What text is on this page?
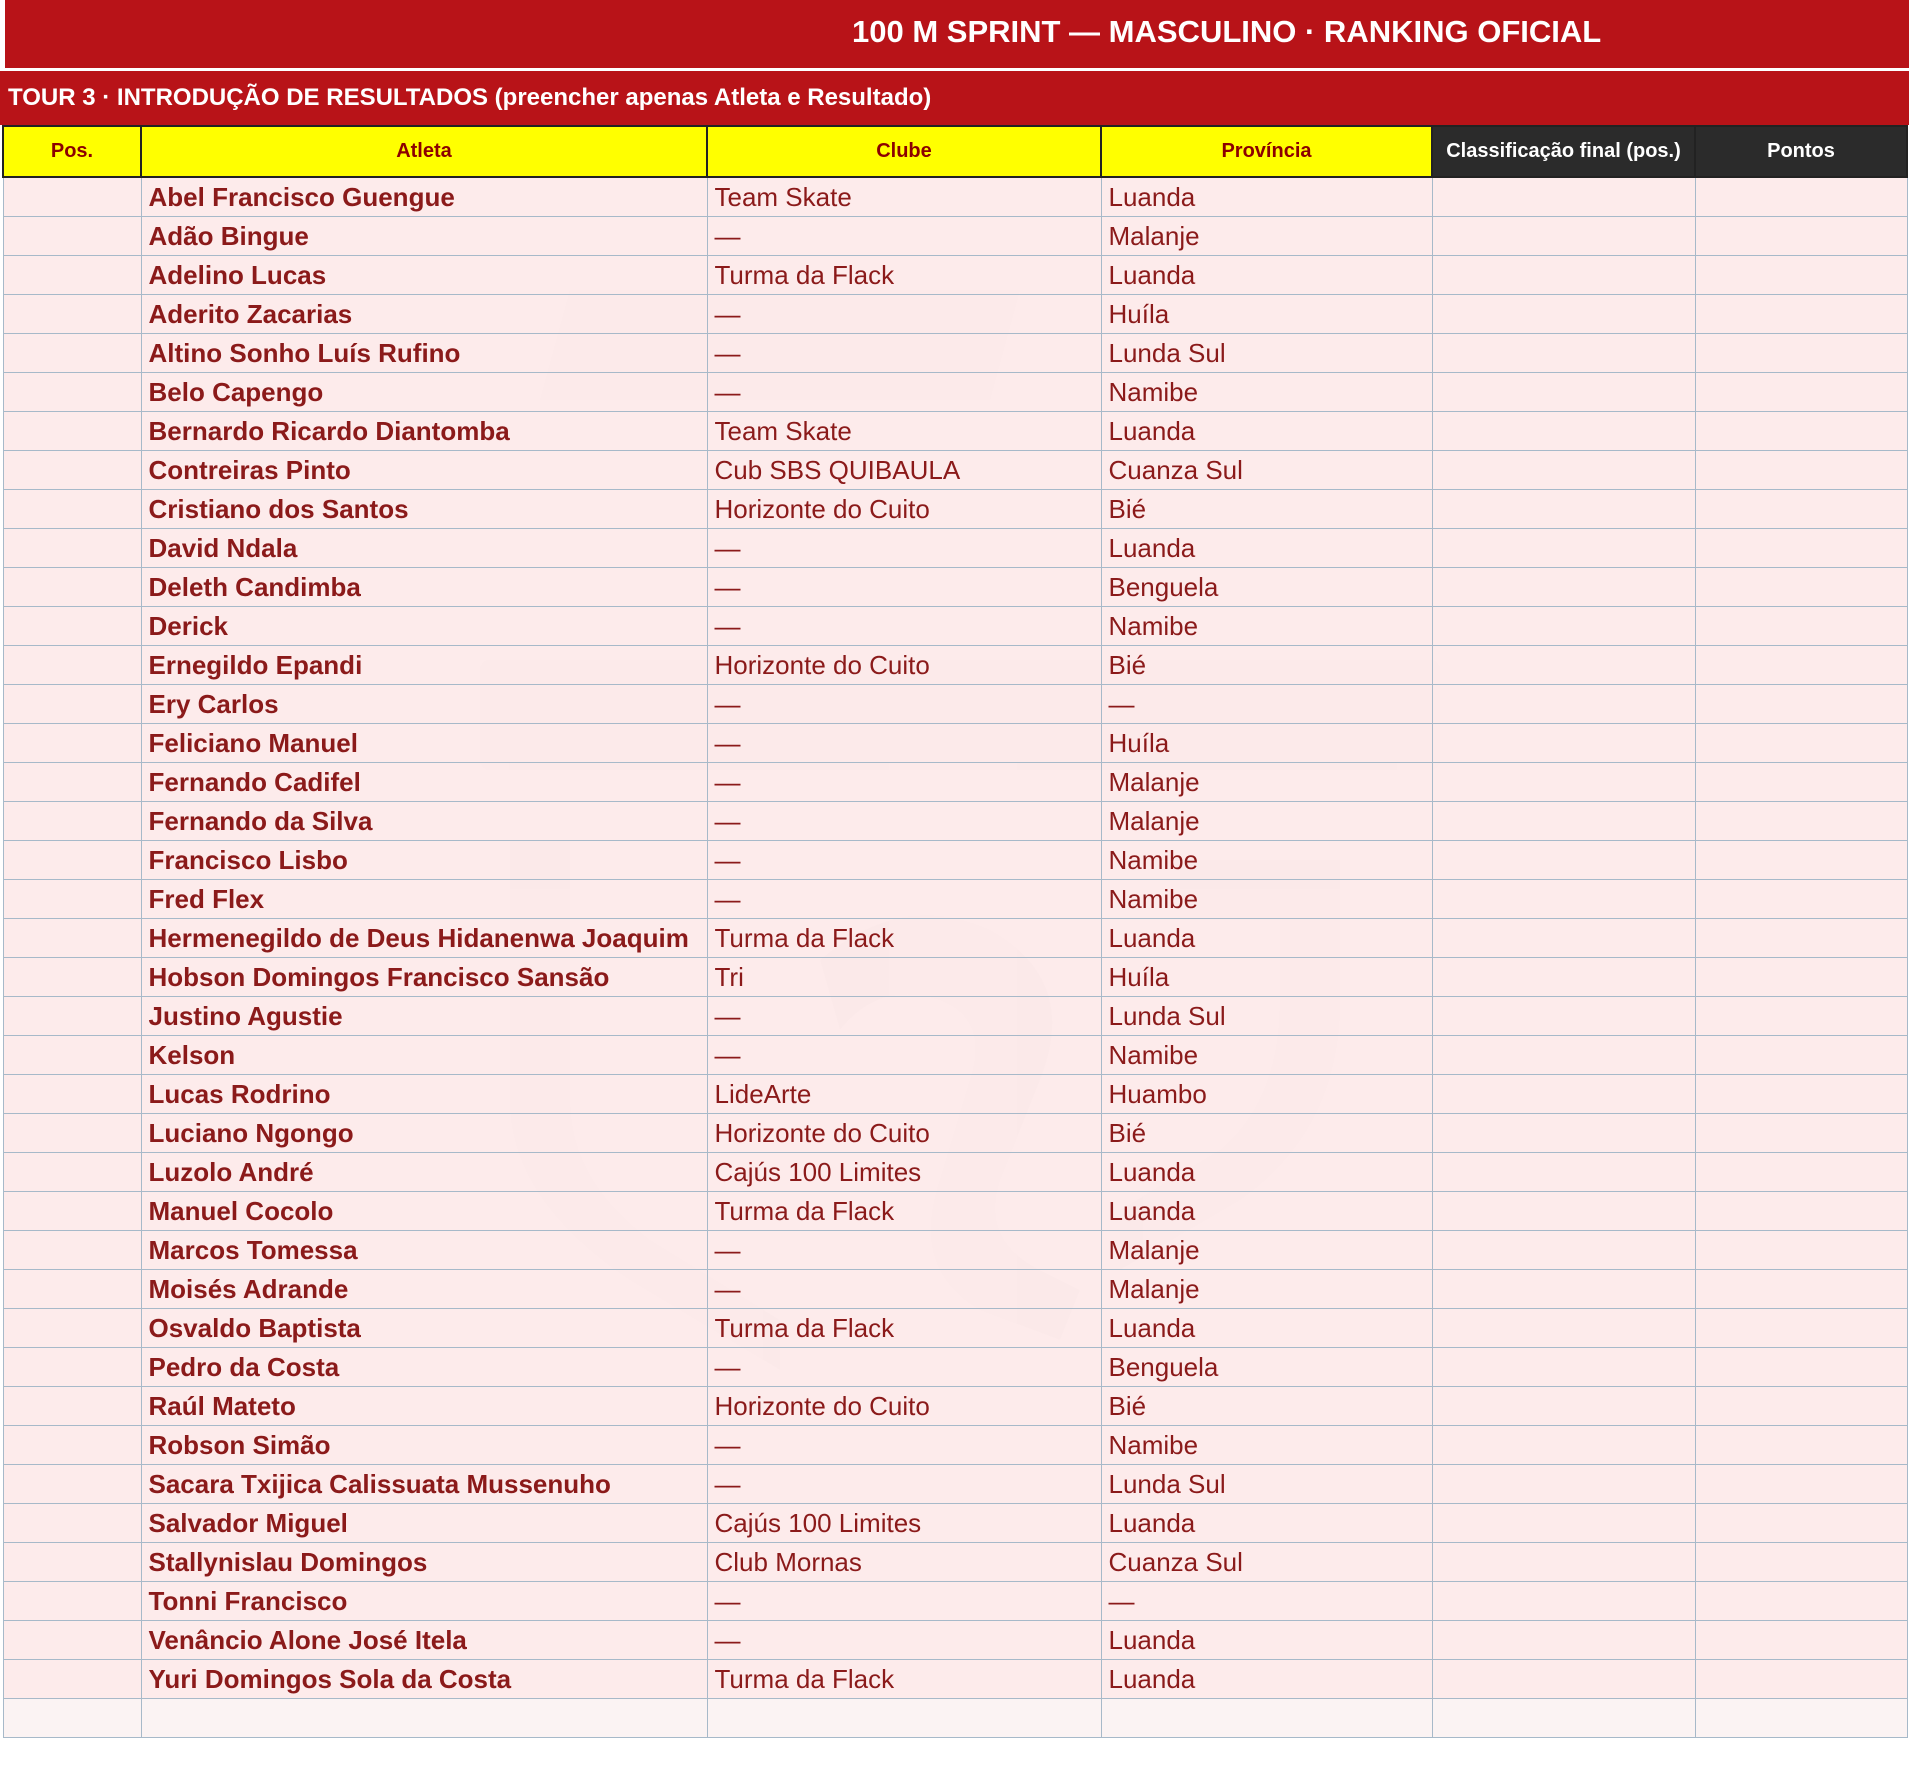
100 M SPRINT — MASCULINO · RANKING OFICIAL
TOUR 3 · INTRODUÇÃO DE RESULTADOS (preencher apenas Atleta e Resultado)
Pos.	Atleta	Clube	Província	Classificação final (pos.)	Pontos
	Abel Francisco Guengue	Team Skate	Luanda		
	Adão Bingue	—	Malanje		
	Adelino Lucas	Turma da Flack	Luanda		
	Aderito Zacarias	—	Huíla		
	Altino Sonho Luís Rufino	—	Lunda Sul		
	Belo Capengo	—	Namibe		
	Bernardo Ricardo Diantomba	Team Skate	Luanda		
	Contreiras Pinto	Cub SBS QUIBAULA	Cuanza Sul		
	Cristiano dos Santos	Horizonte do Cuito	Bié		
	David Ndala	—	Luanda		
	Deleth Candimba	—	Benguela		
	Derick	—	Namibe		
	Ernegildo Epandi	Horizonte do Cuito	Bié		
	Ery Carlos	—	—		
	Feliciano Manuel	—	Huíla		
	Fernando Cadifel	—	Malanje		
	Fernando da Silva	—	Malanje		
	Francisco Lisbo	—	Namibe		
	Fred Flex	—	Namibe		
	Hermenegildo de Deus Hidanenwa Joaquim	Turma da Flack	Luanda		
	Hobson Domingos Francisco Sansão	Tri	Huíla		
	Justino Agustie	—	Lunda Sul		
	Kelson	—	Namibe		
	Lucas Rodrino	LideArte	Huambo		
	Luciano Ngongo	Horizonte do Cuito	Bié		
	Luzolo André	Cajús 100 Limites	Luanda		
	Manuel Cocolo	Turma da Flack	Luanda		
	Marcos Tomessa	—	Malanje		
	Moisés Adrande	—	Malanje		
	Osvaldo Baptista	Turma da Flack	Luanda		
	Pedro da Costa	—	Benguela		
	Raúl Mateto	Horizonte do Cuito	Bié		
	Robson Simão	—	Namibe		
	Sacara Txijica Calissuata Mussenuho	—	Lunda Sul		
	Salvador Miguel	Cajús 100 Limites	Luanda		
	Stallynislau Domingos	Club Mornas	Cuanza Sul		
	Tonni Francisco	—	—		
	Venâncio Alone José Itela	—	Luanda		
	Yuri Domingos Sola da Costa	Turma da Flack	Luanda		
